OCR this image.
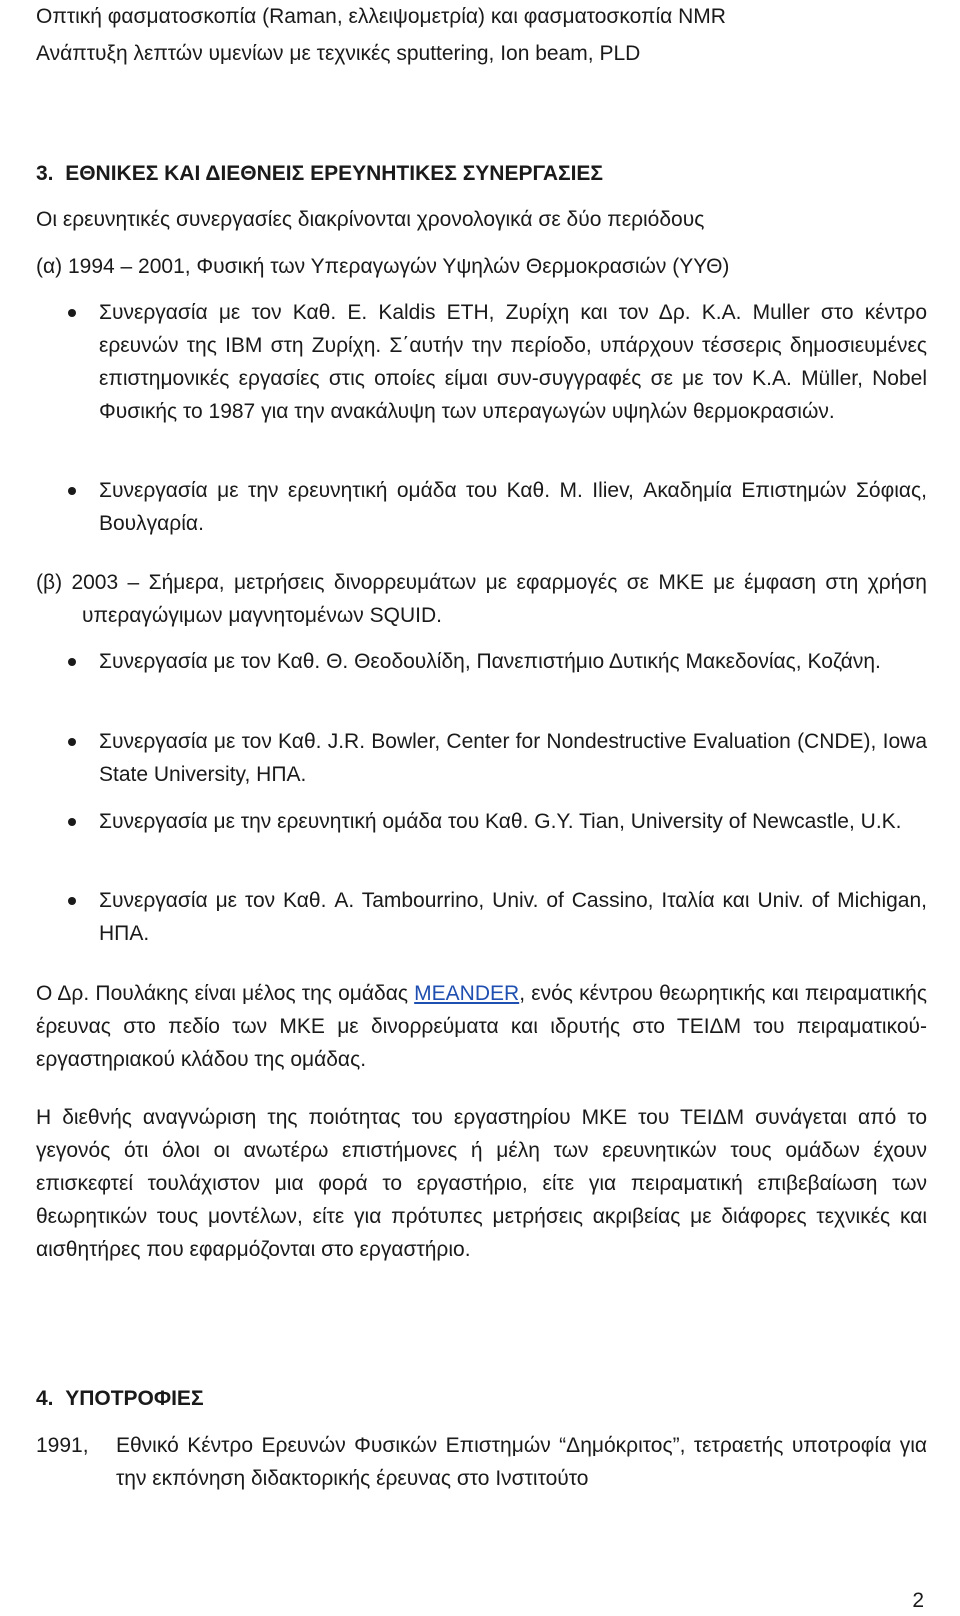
Οπτική φασματοσκοπία (Raman, ελλειψομετρία) και φασματοσκοπία NMR
Ανάπτυξη λεπτών υμενίων με τεχνικές sputtering, Ion beam, PLD
3. ΕΘΝΙΚΕΣ ΚΑΙ ΔΙΕΘΝΕΙΣ ΕΡΕΥΝΗΤΙΚΕΣ ΣΥΝΕΡΓΑΣΙΕΣ
Οι ερευνητικές συνεργασίες διακρίνονται χρονολογικά σε δύο περιόδους
(α) 1994 – 2001, Φυσική των Υπεραγωγών Υψηλών Θερμοκρασιών (ΥΥΘ)
Συνεργασία με τον Καθ. E. Kaldis ETH, Ζυρίχη και τον Δρ. K.A. Muller στο κέντρο ερευνών της IBM στη Ζυρίχη. Σ΄αυτήν την περίοδο, υπάρχουν τέσσερις δημοσιευμένες επιστημονικές εργασίες στις οποίες είμαι συν-συγγραφές σε με τον K.A. Müller, Nobel Φυσικής το 1987 για την ανακάλυψη των υπεραγωγών υψηλών θερμοκρασιών.
Συνεργασία με την ερευνητική ομάδα του Καθ. M. Iliev, Ακαδημία Επιστημών Σόφιας, Βουλγαρία.
(β) 2003 – Σήμερα, μετρήσεις δινορρευμάτων με εφαρμογές σε ΜΚΕ με έμφαση στη χρήση υπεραγώγιμων μαγνητομένων SQUID.
Συνεργασία με τον Καθ. Θ. Θεοδουλίδη, Πανεπιστήμιο Δυτικής Μακεδονίας, Κοζάνη.
Συνεργασία με τον Καθ. J.R. Bowler, Center for Nondestructive Evaluation (CNDE), Iowa State University, ΗΠΑ.
Συνεργασία με την ερευνητική ομάδα του Καθ. G.Y. Tian, University of Newcastle, U.K.
Συνεργασία με τον Καθ. A. Tambourrino, Univ. of Cassino, Ιταλία και Univ. of Michigan, ΗΠΑ.
Ο Δρ. Πουλάκης είναι μέλος της ομάδας MEANDER, ενός κέντρου θεωρητικής και πειραματικής έρευνας στο πεδίο των ΜΚΕ με δινορρεύματα και ιδρυτής στο ΤΕΙΔΜ του πειραματικού-εργαστηριακού κλάδου της ομάδας.
Η διεθνής αναγνώριση της ποιότητας του εργαστηρίου ΜΚΕ του ΤΕΙΔΜ συνάγεται από το γεγονός ότι όλοι οι ανωτέρω επιστήμονες ή μέλη των ερευνητικών τους ομάδων έχουν επισκεφτεί τουλάχιστον μια φορά το εργαστήριο, είτε για πειραματική επιβεβαίωση των θεωρητικών τους μοντέλων, είτε για πρότυπες μετρήσεις ακριβείας με διάφορες τεχνικές και αισθητήρες που εφαρμόζονται στο εργαστήριο.
4. ΥΠΟΤΡΟΦΙΕΣ
1991, Εθνικό Κέντρο Ερευνών Φυσικών Επιστημών “Δημόκριτος”, τετραετής υποτροφία για την εκπόνηση διδακτορικής έρευνας στο Ινστιτούτο
2
